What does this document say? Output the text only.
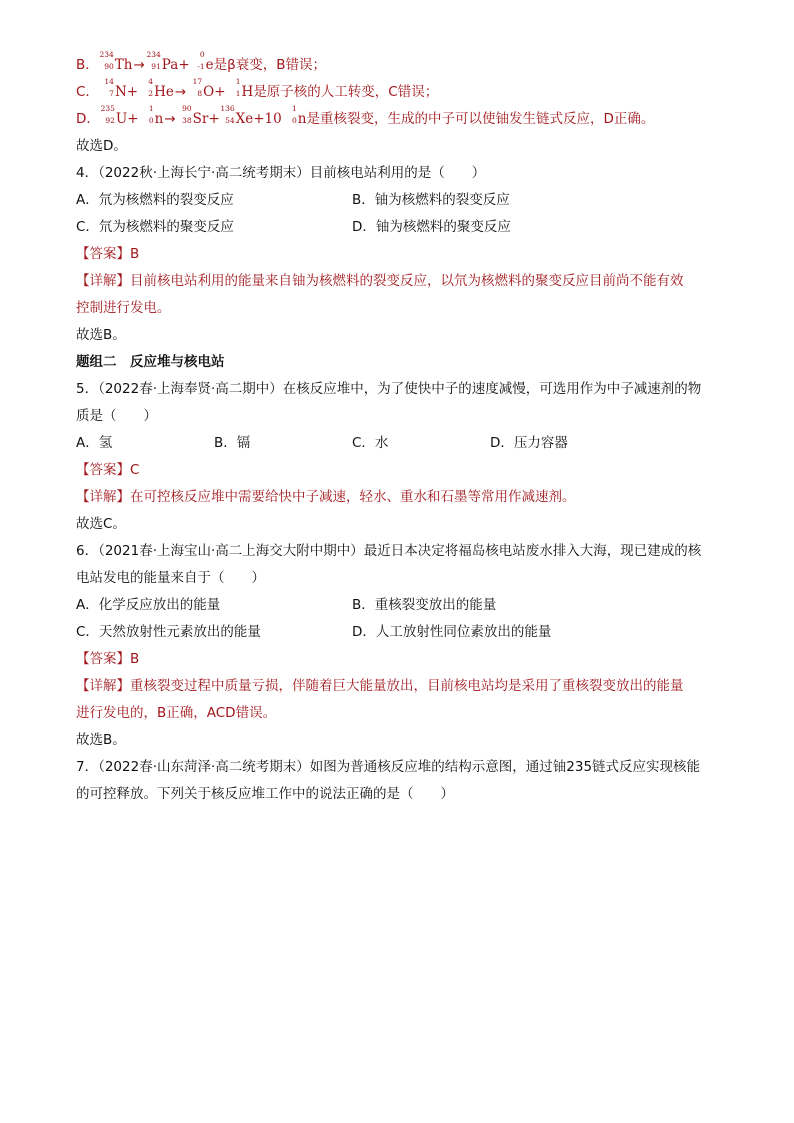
B．
234
90 Th→
234
91 Pa+
0
-1 e是β衰变，B错误；
C．
14
7 N+
4
2 He→
17
8 O+
1
1 H是原子核的人工转变，C错误；
D．
235
92 U+
1
0 n→
90
38 Sr+
136
54 Xe+10
1
0 n是重核裂变，生成的中子可以使铀发生链式反应，D正确。
故选D。
4．（2022秋·上海长宁·高二统考期末）目前核电站利用的是（　　）
A．氘为核燃料的裂变反应	B．铀为核燃料的裂变反应
C．氘为核燃料的聚变反应	D．铀为核燃料的聚变反应
【答案】B
【详解】目前核电站利用的能量来自铀为核燃料的裂变反应，以氘为核燃料的聚变反应目前尚不能有效
控制进行发电。
故选B。
题组二　反应堆与核电站
5．（2022春·上海奉贤·高二期中）在核反应堆中，为了使快中子的速度减慢，可选用作为中子减速剂的物
质是（　　）
A．氢	B．镉	C．水	D．压力容器
【答案】C
【详解】在可控核反应堆中需要给快中子减速，轻水、重水和石墨等常用作减速剂。
故选C。
6．（2021春·上海宝山·高二上海交大附中期中）最近日本决定将福岛核电站废水排入大海，现已建成的核
电站发电的能量来自于（　　）
A．化学反应放出的能量	B．重核裂变放出的能量
C．天然放射性元素放出的能量	D．人工放射性同位素放出的能量
【答案】B
【详解】重核裂变过程中质量亏损，伴随着巨大能量放出，目前核电站均是采用了重核裂变放出的能量
进行发电的，B正确，ACD错误。
故选B。
7．（2022春·山东菏泽·高二统考期末）如图为普通核反应堆的结构示意图，通过铀235链式反应实现核能
的可控释放。下列关于核反应堆工作中的说法正确的是（　　）
